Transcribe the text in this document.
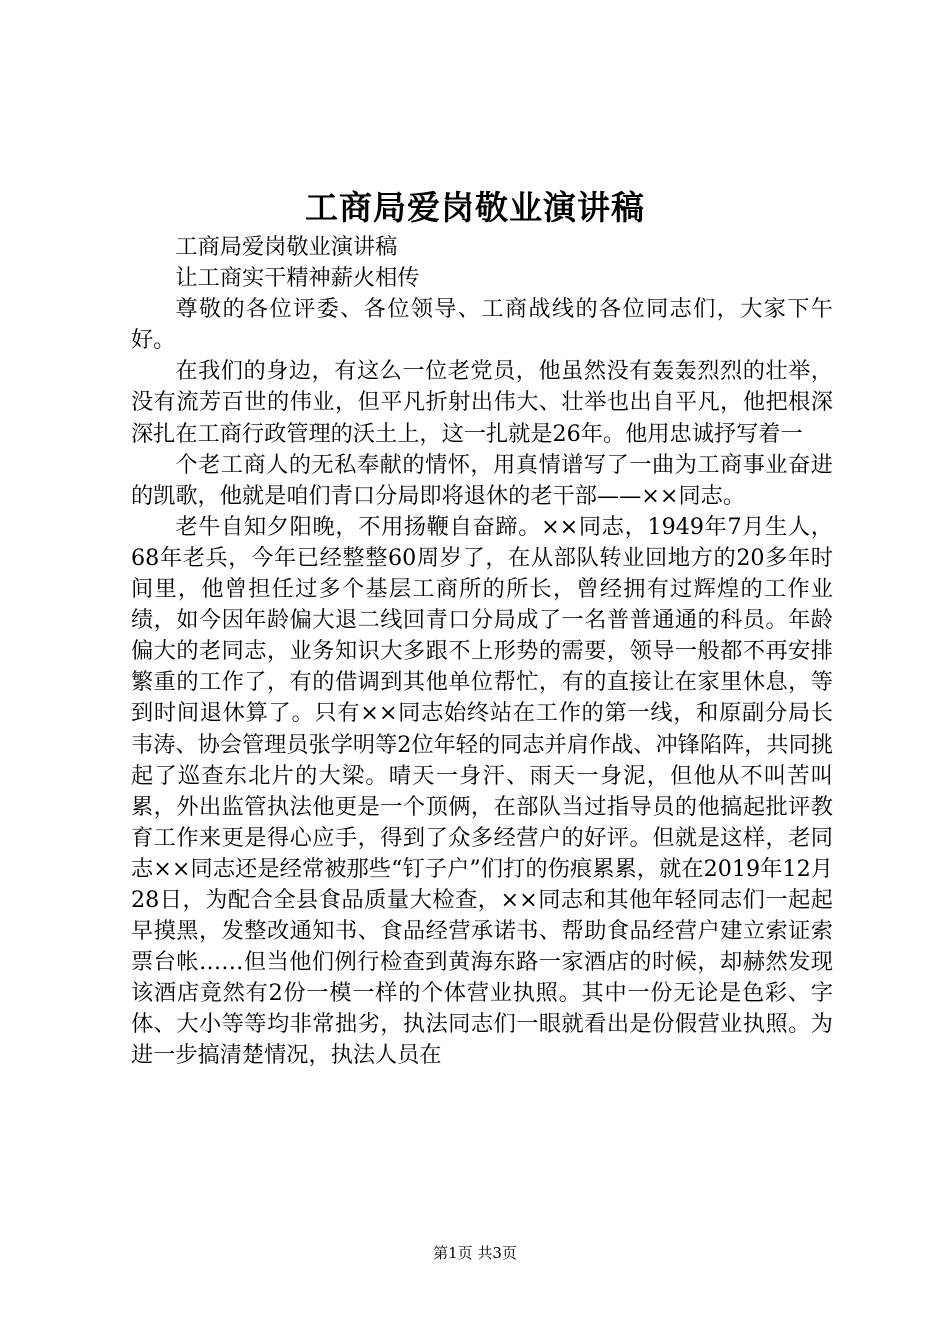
工商局爱岗敬业演讲稿

工商局爱岗敬业演讲稿

让工商实干精神薪火相传

尊敬的各位评委、各位领导、工商战线的各位同志们，大家下午好。

在我们的身边，有这么一位老党员，他虽然没有轰轰烈烈的壮举，没有流芳百世的伟业，但平凡折射出伟大、壮举也出自平凡，他把根深深扎在工商行政管理的沃土上，这一扎就是26年。他用忠诚抒写着一

个老工商人的无私奉献的情怀，用真情谱写了一曲为工商事业奋进的凯歌，他就是咱们青口分局即将退休的老干部——××同志。

老牛自知夕阳晚，不用扬鞭自奋蹄。××同志，1949年7月生人，68年老兵，今年已经整整60周岁了，在从部队转业回地方的20多年时间里，他曾担任过多个基层工商所的所长，曾经拥有过辉煌的工作业绩，如今因年龄偏大退二线回青口分局成了一名普普通通的科员。年龄偏大的老同志，业务知识大多跟不上形势的需要，领导一般都不再安排繁重的工作了，有的借调到其他单位帮忙，有的直接让在家里休息，等到时间退休算了。只有××同志始终站在工作的第一线，和原副分局长韦涛、协会管理员张学明等2位年轻的同志并肩作战、冲锋陷阵，共同挑起了巡查东北片的大梁。晴天一身汗、雨天一身泥，但他从不叫苦叫累，外出监管执法他更是一个顶俩，在部队当过指导员的他搞起批评教育工作来更是得心应手，得到了众多经营户的好评。但就是这样，老同志××同志还是经常被那些“钉子户”们打的伤痕累累，就在2019年12月28日，为配合全县食品质量大检查，××同志和其他年轻同志们一起起早摸黑，发整改通知书、食品经营承诺书、帮助食品经营户建立索证索票台帐……但当他们例行检查到黄海东路一家酒店的时候，却赫然发现该酒店竟然有2份一模一样的个体营业执照。其中一份无论是色彩、字体、大小等等均非常拙劣，执法同志们一眼就看出是份假营业执照。为进一步搞清楚情况，执法人员在

第1页 共3页
